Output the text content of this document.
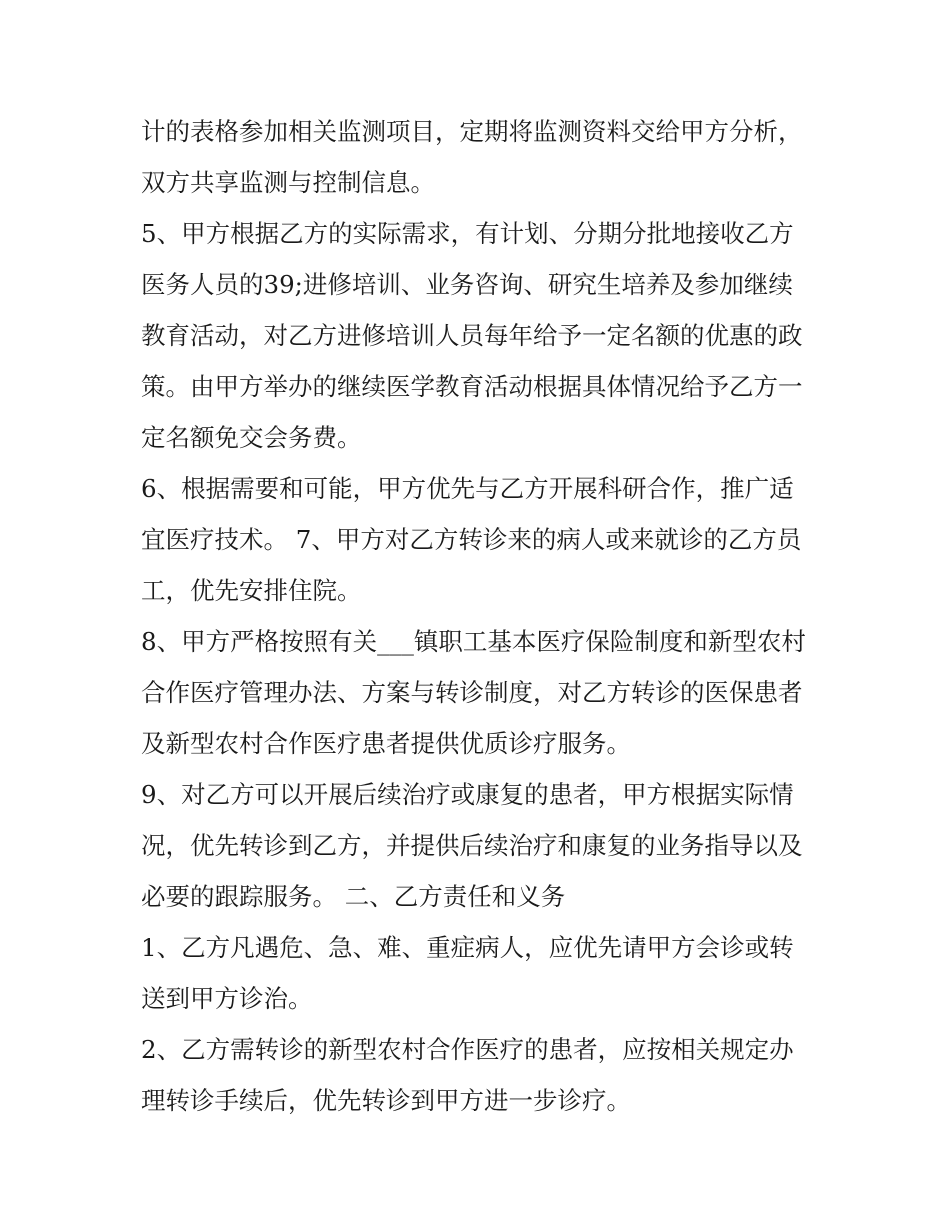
计的表格参加相关监测项目，定期将监测资料交给甲方分析，
双方共享监测与控制信息。
5、甲方根据乙方的实际需求，有计划、分期分批地接收乙方
医务人员的39;进修培训、业务咨询、研究生培养及参加继续
教育活动，对乙方进修培训人员每年给予一定名额的优惠的政
策。由甲方举办的继续医学教育活动根据具体情况给予乙方一
定名额免交会务费。
6、根据需要和可能，甲方优先与乙方开展科研合作，推广适
宜医疗技术。 7、甲方对乙方转诊来的病人或来就诊的乙方员
工，优先安排住院。
8、甲方严格按照有关___镇职工基本医疗保险制度和新型农村
合作医疗管理办法、方案与转诊制度，对乙方转诊的医保患者
及新型农村合作医疗患者提供优质诊疗服务。
9、对乙方可以开展后续治疗或康复的患者，甲方根据实际情
况，优先转诊到乙方，并提供后续治疗和康复的业务指导以及
必要的跟踪服务。 二、乙方责任和义务
1、乙方凡遇危、急、难、重症病人，应优先请甲方会诊或转
送到甲方诊治。
2、乙方需转诊的新型农村合作医疗的患者，应按相关规定办
理转诊手续后，优先转诊到甲方进一步诊疗。
